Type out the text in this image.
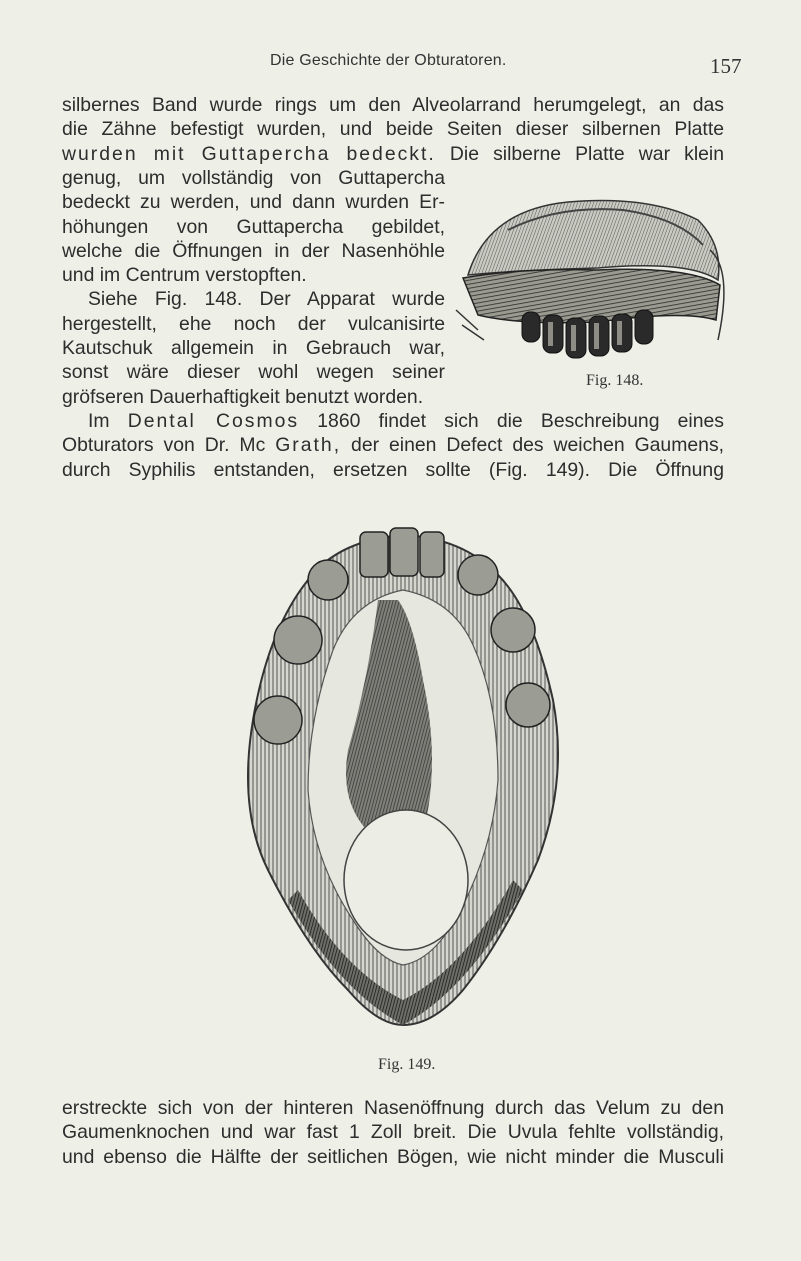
Die Geschichte der Obturatoren.	157
silbernes Band wurde rings um den Alveolarrand herumgelegt, an das
die Zähne befestigt wurden, und beide Seiten dieser silbernen Platte
wurden mit Guttapercha bedeckt. Die silberne Platte war klein
genug, um vollständig von Guttapercha
bedeckt zu werden, und dann wurden Er-
höhungen von Guttapercha gebildet,
welche die Öffnungen in der Nasenhöhle
und im Centrum verstopften.
Siehe Fig. 148. Der Apparat wurde
hergestellt, ehe noch der vulcanisirte
Kautschuk allgemein in Gebrauch war,
sonst wäre dieser wohl wegen seiner
gröfseren Dauerhaftigkeit benutzt worden.
Fig. 148.
Im Dental Cosmos 1860 findet sich die Beschreibung eines
Obturators von Dr. Mc Grath, der einen Defect des weichen Gaumens,
durch Syphilis entstanden, ersetzen sollte (Fig. 149). Die Öffnung
Fig. 149.
erstreckte sich von der hinteren Nasenöffnung durch das Velum zu den
Gaumenknochen und war fast 1 Zoll breit. Die Uvula fehlte vollständig,
und ebenso die Hälfte der seitlichen Bögen, wie nicht minder die Musculi
